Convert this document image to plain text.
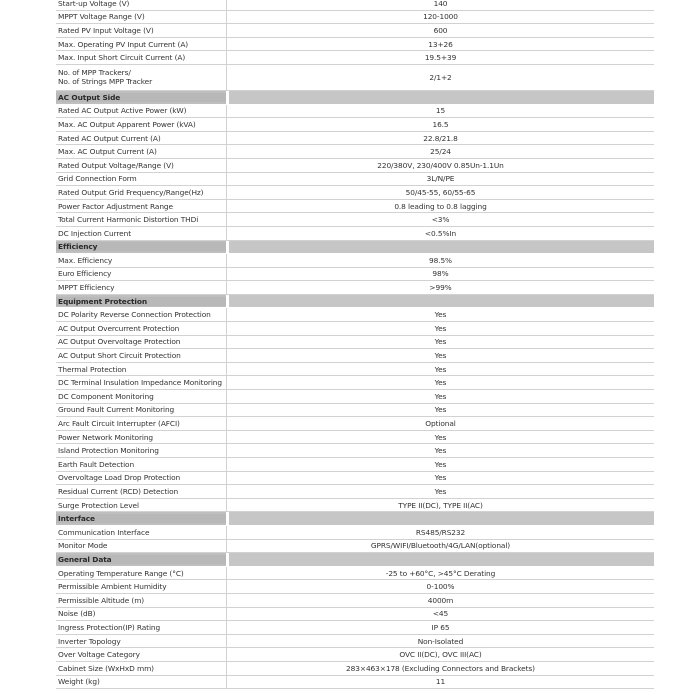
Start-up Voltage (V)	140
MPPT Voltage Range (V)	120-1000
Rated PV Input Voltage (V)	600
Max. Operating PV Input Current (A)	13+26
Max. Input Short Circuit Current (A)	19.5+39
No. of MPP Trackers/
No. of Strings MPP Tracker	2/1+2
AC Output Side
Rated AC Output Active Power (kW)	15
Max. AC Output Apparent Power (kVA)	16.5
Rated AC Output Current (A)	22.8/21.8
Max. AC Output Current (A)	25/24
Rated Output Voltage/Range (V)	220/380V, 230/400V 0.85Un-1.1Un
Grid Connection Form	3L/N/PE
Rated Output Grid Frequency/Range(Hz)	50/45-55, 60/55-65
Power Factor Adjustment Range	0.8 leading to 0.8 lagging
Total Current Harmonic Distortion THDi	<3%
DC Injection Current	<0.5%In
Efficiency
Max. Efficiency	98.5%
Euro Efficiency	98%
MPPT Efficiency	>99%
Equipment Protection
DC Polarity Reverse Connection Protection	Yes
AC Output Overcurrent Protection	Yes
AC Output Overvoltage Protection	Yes
AC Output Short Circuit Protection	Yes
Thermal Protection	Yes
DC Terminal Insulation Impedance Monitoring	Yes
DC Component Monitoring	Yes
Ground Fault Current Monitoring	Yes
Arc Fault Circuit Interrupter (AFCI)	Optional
Power Network Monitoring	Yes
Island Protection Monitoring	Yes
Earth Fault Detection	Yes
Overvoltage Load Drop Protection	Yes
Residual Current (RCD) Detection	Yes
Surge Protection Level	TYPE II(DC), TYPE II(AC)
Interface
Communication Interface	RS485/RS232
Monitor Mode	GPRS/WIFI/Bluetooth/4G/LAN(optional)
General Data
Operating Temperature Range (°C)	-25 to +60°C, >45°C Derating
Permissible Ambient Humidity	0-100%
Permissible Altitude (m)	4000m
Noise (dB)	<45
Ingress Protection(IP) Rating	IP 65
Inverter Topology	Non-Isolated
Over Voltage Category	OVC II(DC), OVC III(AC)
Cabinet Size (WxHxD mm)	283×463×178 (Excluding Connectors and Brackets)
Weight (kg)	11
